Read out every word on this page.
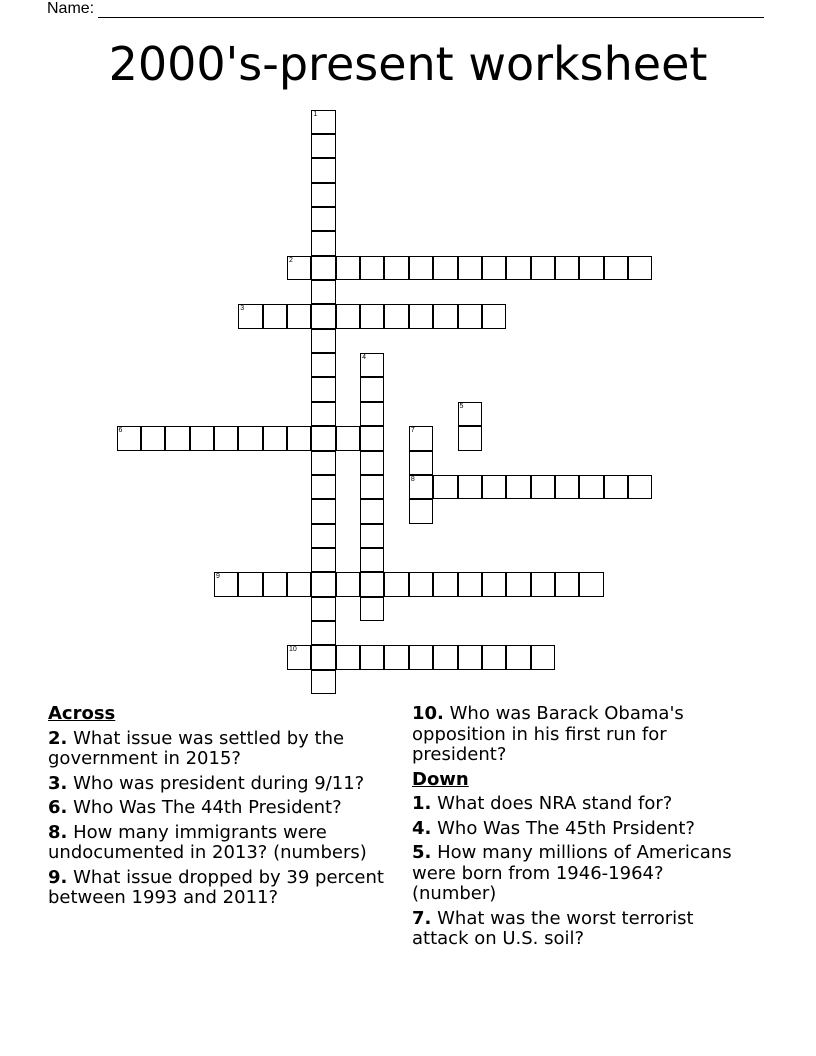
Name:
2000's-present worksheet
1
2
3
4
5
6	7
8
9
10
Across
2. What issue was settled by the government in 2015?
3. Who was president during 9/11?
6. Who Was The 44th President?
8. How many immigrants were undocumented in 2013? (numbers)
9. What issue dropped by 39 percent between 1993 and 2011?
10. Who was Barack Obama's opposition in his first run for president?
Down
1. What does NRA stand for?
4. Who Was The 45th Prsident?
5. How many millions of Americans were born from 1946-1964? (number)
7. What was the worst terrorist attack on U.S. soil?
